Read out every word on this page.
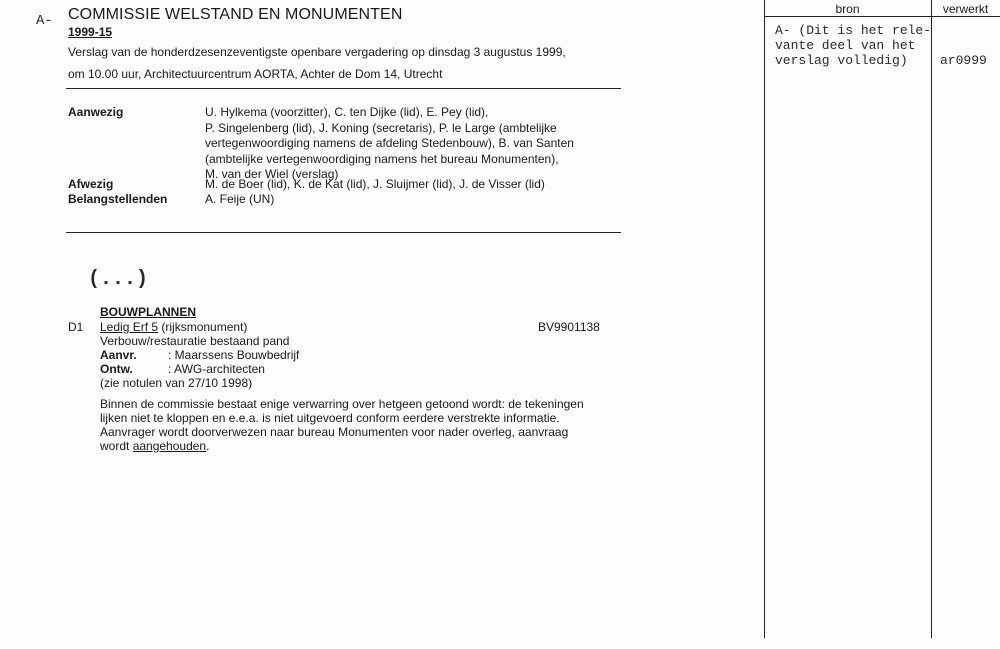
bron	verwerkt
A- (Dit is het rele-
vante deel van het
verslag volledig)	ar0999
A- COMMISSIE WELSTAND EN MONUMENTEN
1999-15
Verslag van de honderdzesenzeventigste openbare vergadering op dinsdag 3 augustus 1999,
om 10.00 uur, Architectuurcentrum AORTA, Achter de Dom 14, Utrecht
Aanwezig	U. Hylkema (voorzitter), C. ten Dijke (lid), E. Pey (lid),
P. Singelenberg (lid), J. Koning (secretaris), P. le Large (ambtelijke
vertegenwoordiging namens de afdeling Stedenbouw), B. van Santen
(ambtelijke vertegenwoordiging namens het bureau Monumenten),
M. van der Wiel (verslag)
Afwezig	M. de Boer (lid), K. de Kat (lid), J. Sluijmer (lid), J. de Visser (lid)
Belangstellenden	A. Feije (UN)
(...)
BOUWPLANNEN
D1 Ledig Erf 5 (rijksmonument)	BV9901138
Verbouw/restauratie bestaand pand
Aanvr.	: Maarssens Bouwbedrijf
Ontw.	: AWG-architecten
(zie notulen van 27/10 1998)
Binnen de commissie bestaat enige verwarring over hetgeen getoond wordt: de tekeningen
lijken niet te kloppen en e.e.a. is niet uitgevoerd conform eerdere verstrekte informatie.
Aanvrager wordt doorverwezen naar bureau Monumenten voor nader overleg, aanvraag
wordt aangehouden.
